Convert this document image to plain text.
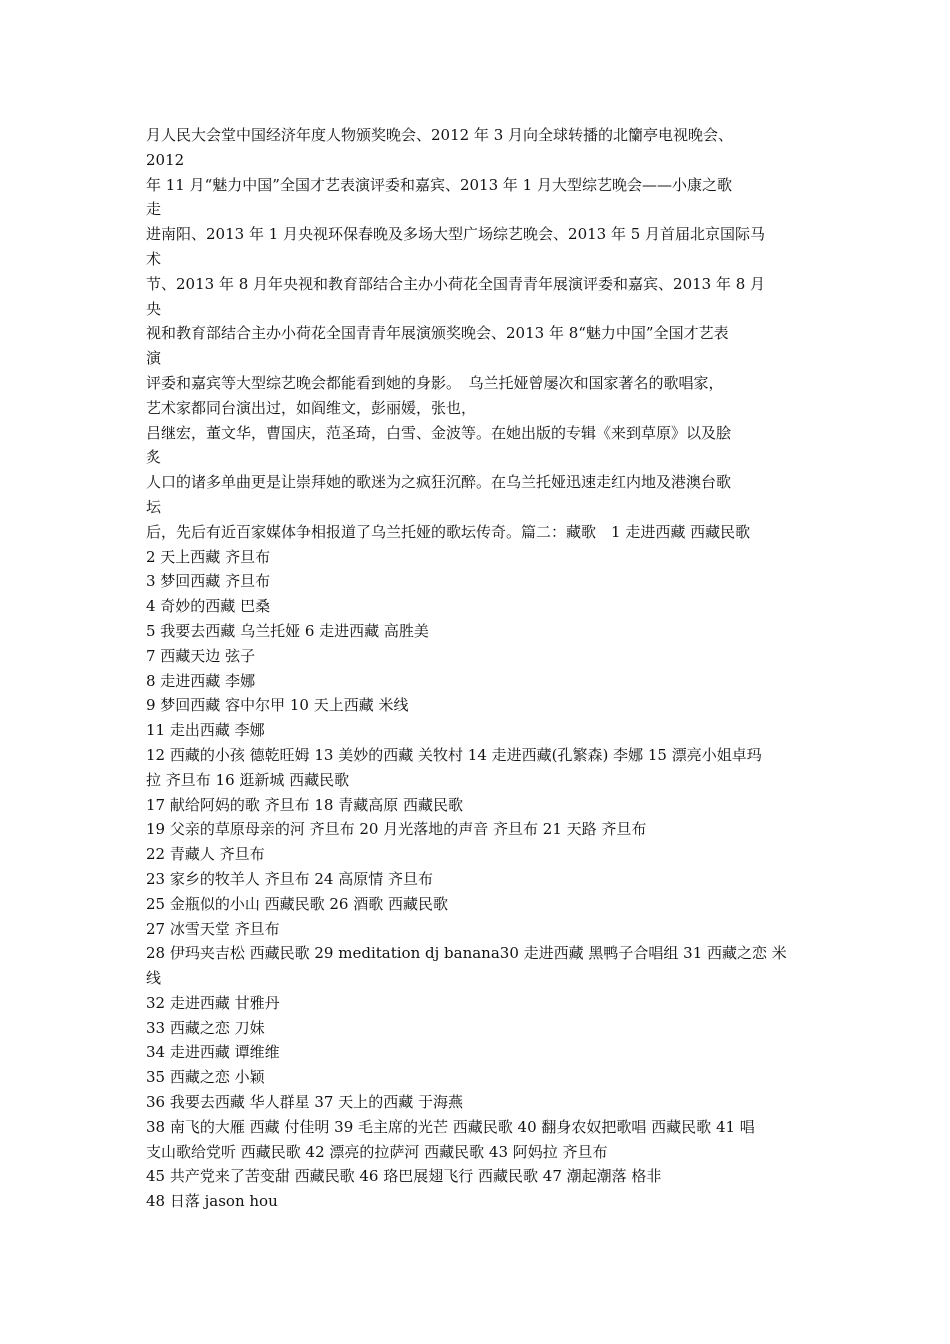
月人民大会堂中国经济年度人物颁奖晚会、2012 年 3 月向全球转播的北籣亭电视晚会、
2012
年 11 月“魅力中国”全国才艺表演评委和嘉宾、2013 年 1 月大型综艺晚会——小康之歌
走
进南阳、2013 年 1 月央视环保春晚及多场大型广场综艺晚会、2013 年 5 月首届北京国际马
术
节、2013 年 8 月年央视和教育部结合主办小荷花全国青青年展演评委和嘉宾、2013 年 8 月
央
视和教育部结合主办小荷花全国青青年展演颁奖晚会、2013 年 8“魅力中国”全国才艺表
演
评委和嘉宾等大型综艺晚会都能看到她的身影。　乌兰托娅曾屡次和国家著名的歌唱家，
艺术家都同台演出过，如阎维文，彭丽媛，张也，
吕继宏，董文华，曹国庆，范圣琦，白雪、金波等。在她出版的专辑《来到草原》以及脍
炙
人口的诸多单曲更是让崇拜她的歌迷为之疯狂沉醉。在乌兰托娅迅速走红内地及港澳台歌
坛
后，先后有近百家媒体争相报道了乌兰托娅的歌坛传奇。篇二：藏歌　1 走进西藏 西藏民歌
2 天上西藏 齐旦布
3 梦回西藏 齐旦布
4 奇妙的西藏 巴桑
5 我要去西藏 乌兰托娅 6 走进西藏 高胜美
7 西藏天边 弦子
8 走进西藏 李娜
9 梦回西藏 容中尔甲 10 天上西藏 米线
11 走出西藏 李娜
12 西藏的小孩 德乾旺姆 13 美妙的西藏 关牧村 14 走进西藏(孔繁森) 李娜 15 漂亮小姐卓玛
拉 齐旦布 16 逛新城 西藏民歌
17 献给阿妈的歌 齐旦布 18 青藏高原 西藏民歌
19 父亲的草原母亲的河 齐旦布 20 月光落地的声音 齐旦布 21 天路 齐旦布
22 青藏人 齐旦布
23 家乡的牧羊人 齐旦布 24 高原情 齐旦布
25 金瓶似的小山 西藏民歌 26 酒歌 西藏民歌
27 冰雪天堂 齐旦布
28 伊玛夹吉松 西藏民歌 29 meditation dj banana30 走进西藏 黑鸭子合唱组 31 西藏之恋 米
线
32 走进西藏 甘雅丹
33 西藏之恋 刀妹
34 走进西藏 谭维维
35 西藏之恋 小颖
36 我要去西藏 华人群星 37 天上的西藏 于海燕
38 南飞的大雁 西藏 付佳明 39 毛主席的光芒 西藏民歌 40 翻身农奴把歌唱 西藏民歌 41 唱
支山歌给党听 西藏民歌 42 漂亮的拉萨河 西藏民歌 43 阿妈拉 齐旦布
45 共产党来了苦变甜 西藏民歌 46 珞巴展翅飞行 西藏民歌 47 潮起潮落 格非
48 日落 jason hou
